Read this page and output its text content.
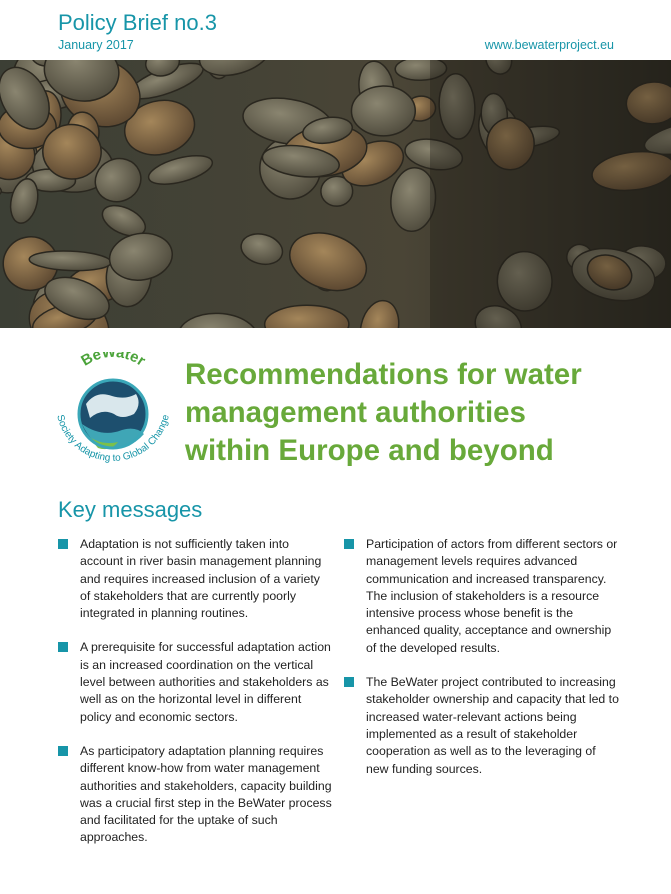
Policy Brief no.3
January 2017	www.bewaterproject.eu
BeWater
Society Adapting to Global Change
Recommendations for water
management authorities
within Europe and beyond
Key messages
Adaptation is not sufficiently taken into account in river basin management planning and requires increased inclusion of a variety of stakeholders that are currently poorly integrated in planning routines.
A prerequisite for successful adaptation action is an increased coordination on the vertical level between authorities and stakeholders as well as on the horizontal level in different policy and economic sectors.
As participatory adaptation planning requires different know-how from water management authorities and stakeholders, capacity building was a crucial first step in the BeWater process and facilitated for the uptake of such approaches.
Participation of actors from different sectors or management levels requires advanced communication and increased transparency. The inclusion of stakeholders is a resource intensive process whose benefit is the enhanced quality, acceptance and ownership of the developed results.
The BeWater project contributed to increasing stakeholder ownership and capacity that led to increased water-relevant actions being implemented as a result of stakeholder cooperation as well as to the leveraging of new funding sources.
